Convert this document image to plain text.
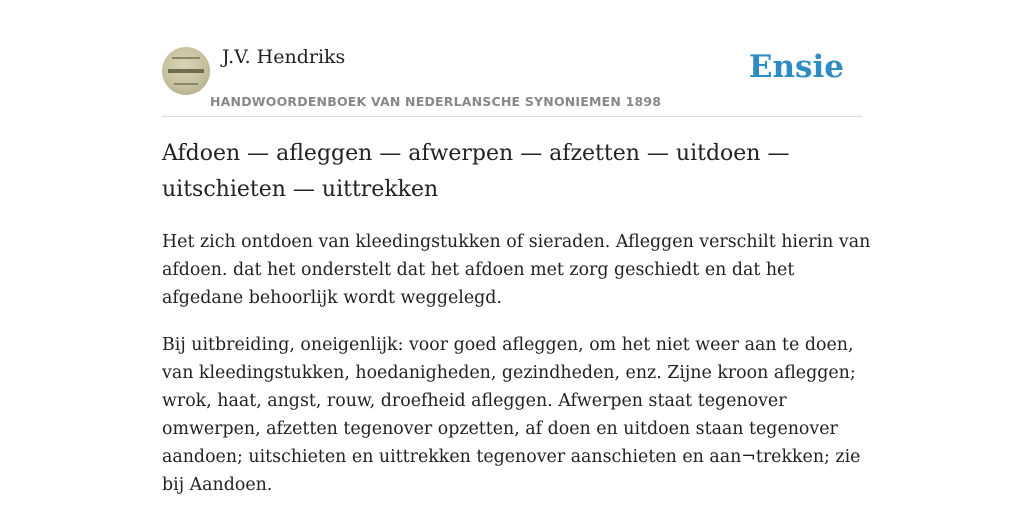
J.V. Hendriks
HANDWOORDENBOEK VAN NEDERLANSCHE SYNONIEMEN 1898
Ensie
Afdoen — afleggen — afwerpen — afzetten — uitdoen — uitschieten — uittrekken

Het zich ontdoen van kleedingstukken of sieraden. Afleggen verschilt hierin van afdoen. dat het onderstelt dat het afdoen met zorg geschiedt en dat het afgedane behoorlijk wordt weggelegd.

Bij uitbreiding, oneigenlijk: voor goed afleggen, om het niet weer aan te doen, van kleedingstukken, hoedanigheden, gezindheden, enz. Zijne kroon afleggen; wrok, haat, angst, rouw, droefheid afleggen. Afwerpen staat tegenover omwerpen, afzetten tegenover opzetten, af doen en uitdoen staan tegenover aandoen; uitschieten en uittrekken tegenover aanschieten en aan¬trekken; zie bij Aandoen.
